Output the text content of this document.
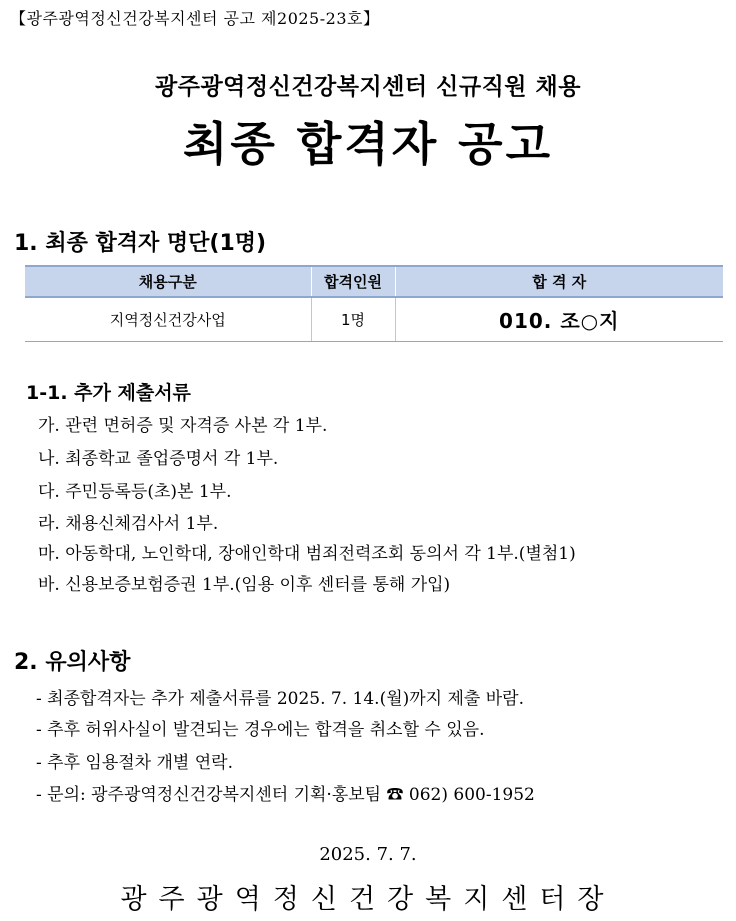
【광주광역정신건강복지센터 공고 제2025-23호】
광주광역정신건강복지센터 신규직원 채용
최종 합격자 공고
1. 최종 합격자 명단(1명)
채용구분	합격인원	합 격 자
지역정신건강사업	1명	010. 조○지
1-1. 추가 제출서류
가. 관련 면허증 및 자격증 사본 각 1부.
나. 최종학교 졸업증명서 각 1부.
다. 주민등록등(초)본 1부.
라. 채용신체검사서 1부.
마. 아동학대, 노인학대, 장애인학대 범죄전력조회 동의서 각 1부.(별첨1)
바. 신용보증보험증권 1부.(임용 이후 센터를 통해 가입)
2. 유의사항
- 최종합격자는 추가 제출서류를 2025. 7. 14.(월)까지 제출 바람.
- 추후 허위사실이 발견되는 경우에는 합격을 취소할 수 있음.
- 추후 임용절차 개별 연락.
- 문의: 광주광역정신건강복지센터 기획·홍보팀 ☎ 062) 600-1952
2025. 7. 7.
광주광역정신건강복지센터장
